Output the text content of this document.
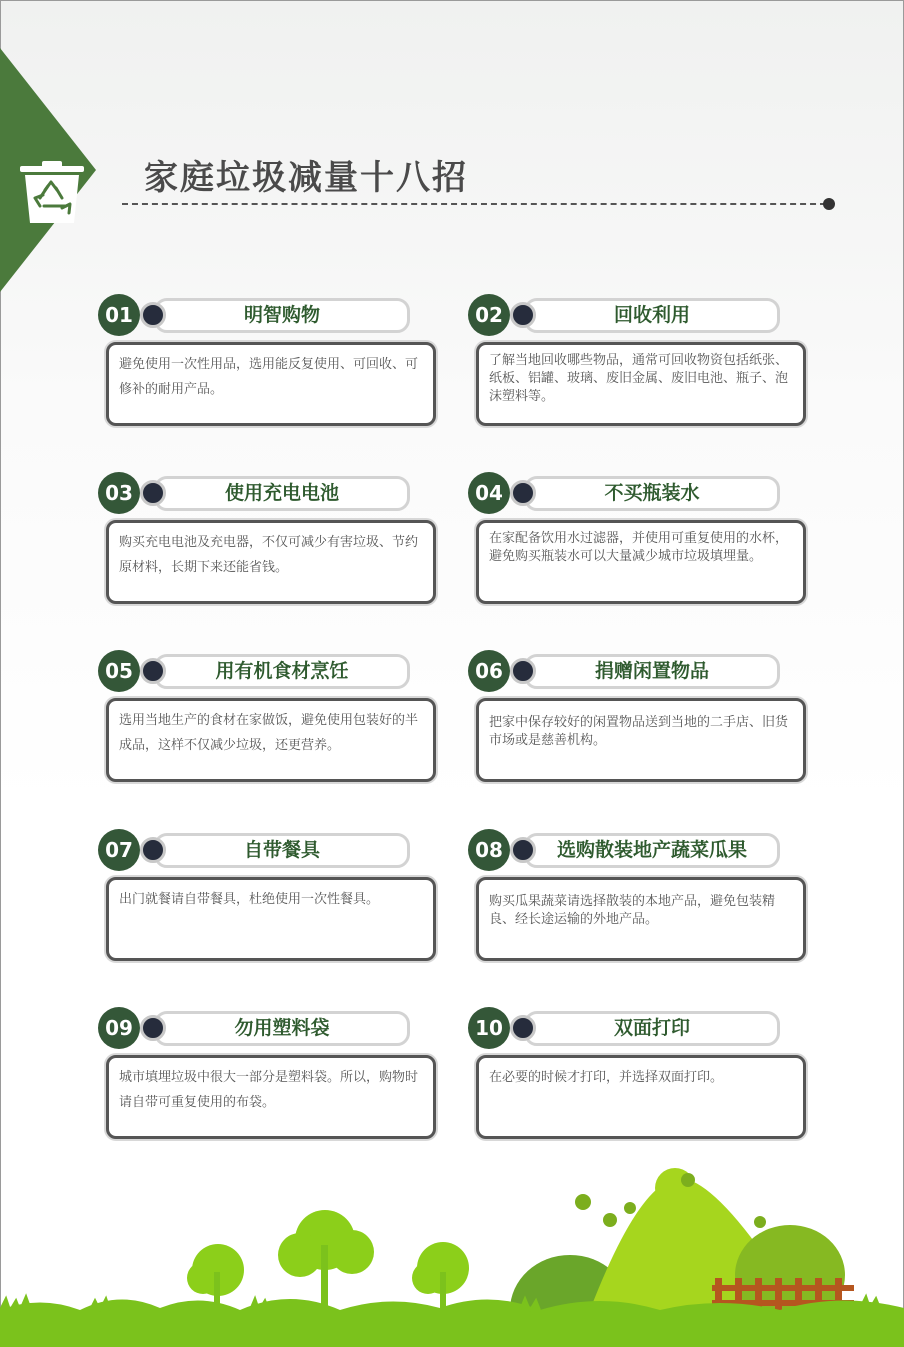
家庭垃圾减量十八招
01	明智购物

避免使用一次性用品，选用能反复使用、可回收、可修补的耐用产品。

02	回收利用

了解当地回收哪些物品，通常可回收物资包括纸张、纸板、铝罐、玻璃、废旧金属、废旧电池、瓶子、泡沫塑料等。

03	使用充电电池

购买充电电池及充电器，不仅可减少有害垃圾、节约原材料，长期下来还能省钱。

04	不买瓶装水

在家配备饮用水过滤器，并使用可重复使用的水杯，避免购买瓶装水可以大量减少城市垃圾填埋量。

05	用有机食材烹饪

选用当地生产的食材在家做饭，避免使用包装好的半成品，这样不仅减少垃圾，还更营养。

06	捐赠闲置物品

把家中保存较好的闲置物品送到当地的二手店、旧货市场或是慈善机构。

07	自带餐具

出门就餐请自带餐具，杜绝使用一次性餐具。

08	选购散装地产蔬菜瓜果

购买瓜果蔬菜请选择散装的本地产品，避免包装精良、经长途运输的外地产品。

09	勿用塑料袋

城市填埋垃圾中很大一部分是塑料袋。所以，购物时请自带可重复使用的布袋。

10	双面打印

在必要的时候才打印，并选择双面打印。
